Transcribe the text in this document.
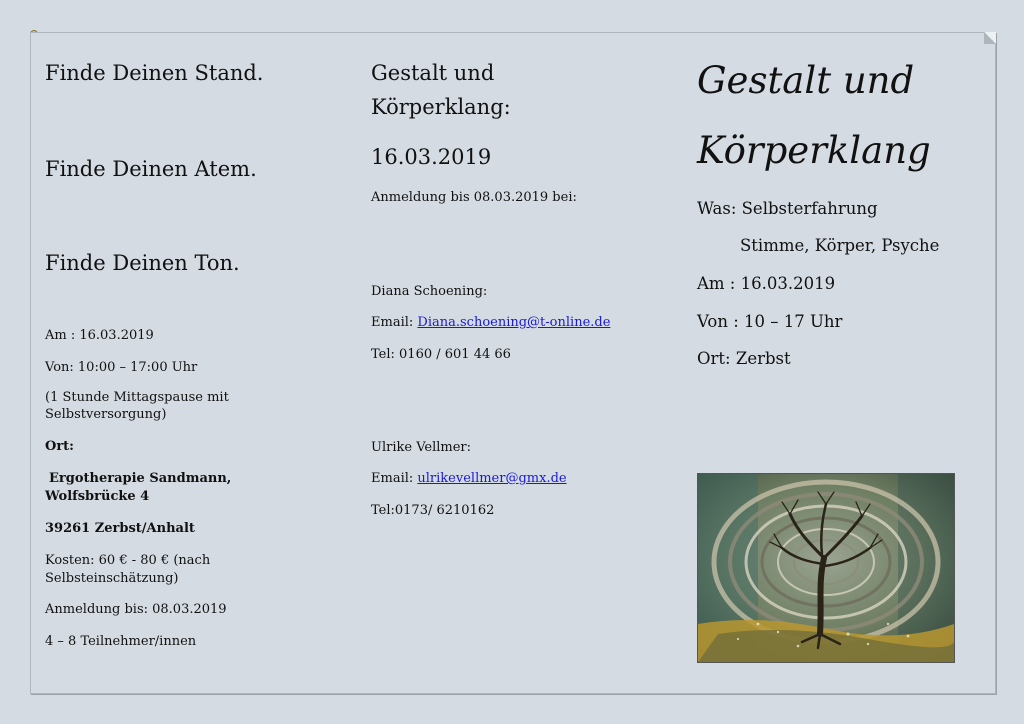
Finde Deinen Stand.

Finde Deinen Atem.

Finde Deinen Ton.

Am : 16.03.2019

Von: 10:00 – 17:00 Uhr

(1 Stunde Mittagspause mit

Selbstversorgung)

Ort:

Ergotherapie Sandmann,

Wolfsbrücke 4

39261 Zerbst/Anhalt

Kosten: 60 € - 80 € (nach

Selbsteinschätzung)

Anmeldung bis: 08.03.2019

4 – 8 Teilnehmer/innen

Gestalt und

Körperklang:

16.03.2019

Anmeldung bis 08.03.2019 bei:

Diana Schoening:

Email: Diana.schoening@t-online.de

Tel: 0160 / 601 44 66

Ulrike Vellmer:

Email: ulrikevellmer@gmx.de

Tel:0173/ 6210162

Gestalt und

Körperklang

Was: Selbsterfahrung

Stimme, Körper, Psyche

Am : 16.03.2019

Von : 10 – 17 Uhr

Ort: Zerbst
